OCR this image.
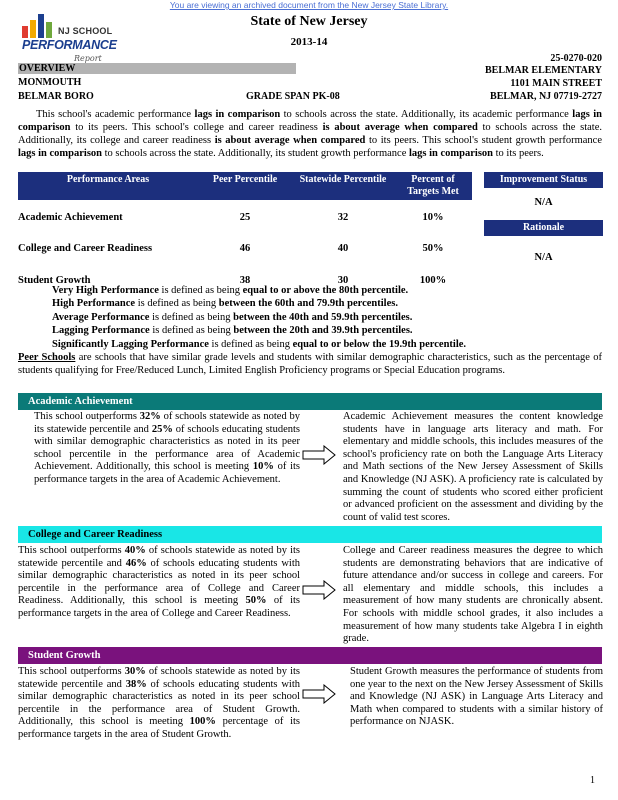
You are viewing an archived document from the New Jersey State Library.
NJ SCHOOL
PERFORMANCE
Report
State of New Jersey
2013-14
25-0270-020
OVERVIEW
MONMOUTH
BELMAR BORO	GRADE SPAN PK-08
BELMAR ELEMENTARY
1101 MAIN STREET
BELMAR, NJ 07719-2727
This school's academic performance lags in comparison to schools across the state. Additionally, its academic performance lags in comparison to its peers. This school's college and career readiness is about average when compared to schools across the state. Additionally, its college and career readiness is about average when compared to its peers. This school's student growth performance lags in comparison to schools across the state. Additionally, its student growth performance lags in comparison to its peers.
Performance Areas	Peer Percentile	Statewide Percentile	Percent of Targets Met
Academic Achievement	25	32	10%
College and Career Readiness	46	40	50%
Student Growth	38	30	100%
Improvement Status
N/A
Rationale
N/A
Very High Performance is defined as being equal to or above the 80th percentile.
High Performance is defined as being between the 60th and 79.9th percentiles.
Average Performance is defined as being between the 40th and 59.9th percentiles.
Lagging Performance is defined as being between the 20th and 39.9th percentiles.
Significantly Lagging Performance is defined as being equal to or below the 19.9th percentile.
Peer Schools are schools that have similar grade levels and students with similar demographic characteristics, such as the percentage of students qualifying for Free/Reduced Lunch, Limited English Proficiency programs or Special Education programs.
Academic Achievement
This school outperforms 32% of schools statewide as noted by its statewide percentile and 25% of schools educating students with similar demographic characteristics as noted in its peer school percentile in the performance area of Academic Achievement. Additionally, this school is meeting 10% of its performance targets in the area of Academic Achievement.
Academic Achievement measures the content knowledge students have in language arts literacy and math. For elementary and middle schools, this includes measures of the school's proficiency rate on both the Language Arts Literacy and Math sections of the New Jersey Assessment of Skills and Knowledge (NJ ASK). A proficiency rate is calculated by summing the count of students who scored either proficient or advanced proficient on the assessment and dividing by the count of valid test scores.
College and Career Readiness
This school outperforms 40% of schools statewide as noted by its statewide percentile and 46% of schools educating students with similar demographic characteristics as noted in its peer school percentile in the performance area of College and Career Readiness. Additionally, this school is meeting 50% of its performance targets in the area of College and Career Readiness.
College and Career readiness measures the degree to which students are demonstrating behaviors that are indicative of future attendance and/or success in college and careers. For all elementary and middle schools, this includes a measurement of how many students are chronically absent. For schools with middle school grades, it also includes a measurement of how many students take Algebra I in eighth grade.
Student Growth
This school outperforms 30% of schools statewide as noted by its statewide percentile and 38% of schools educating students with similar demographic characteristics as noted in its peer school percentile in the performance area of Student Growth. Additionally, this school is meeting 100% percentage of its performance targets in the area of Student Growth.
Student Growth measures the performance of students from one year to the next on the New Jersey Assessment of Skills and Knowledge (NJ ASK) in Language Arts Literacy and Math when compared to students with a similar history of performance on NJASK.
1
